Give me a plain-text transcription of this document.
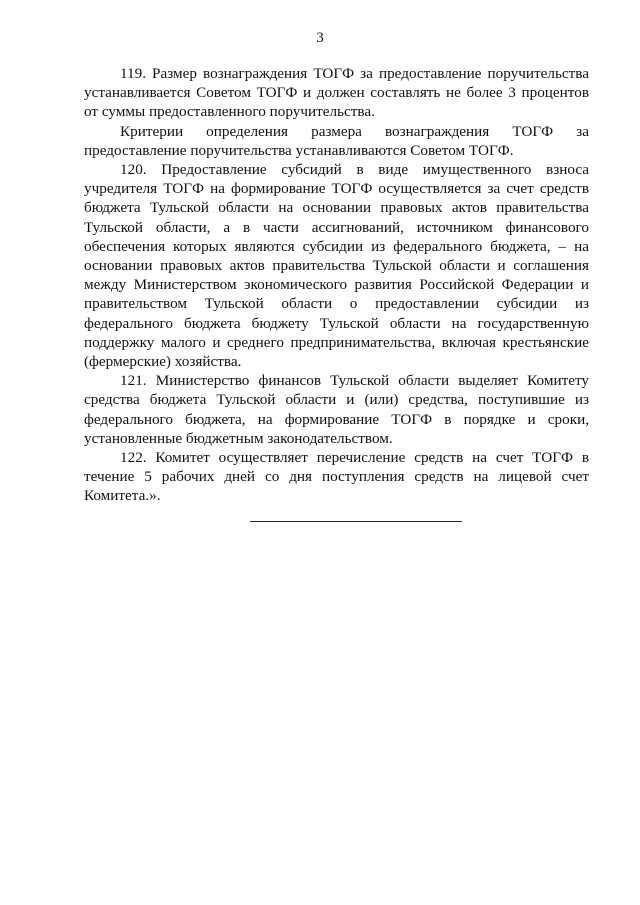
3

119. Размер вознаграждения ТОГФ за предоставление поручительства устанавливается Советом ТОГФ и должен составлять не более 3 процентов от суммы предоставленного поручительства.

Критерии определения размера вознаграждения ТОГФ за предоставление поручительства устанавливаются Советом ТОГФ.

120. Предоставление субсидий в виде имущественного взноса учредителя ТОГФ на формирование ТОГФ осуществляется за счет средств бюджета Тульской области на основании правовых актов правительства Тульской области, а в части ассигнований, источником финансового обеспечения которых являются субсидии из федерального бюджета, – на основании правовых актов правительства Тульской области и соглашения между Министерством экономического развития Российской Федерации и правительством Тульской области о предоставлении субсидии из федерального бюджета бюджету Тульской области на государственную поддержку малого и среднего предпринимательства, включая крестьянские (фермерские) хозяйства.

121. Министерство финансов Тульской области выделяет Комитету средства бюджета Тульской области и (или) средства, поступившие из федерального бюджета, на формирование ТОГФ в порядке и сроки, установленные бюджетным законодательством.

122. Комитет осуществляет перечисление средств на счет ТОГФ в течение 5 рабочих дней со дня поступления средств на лицевой счет Комитета.».
